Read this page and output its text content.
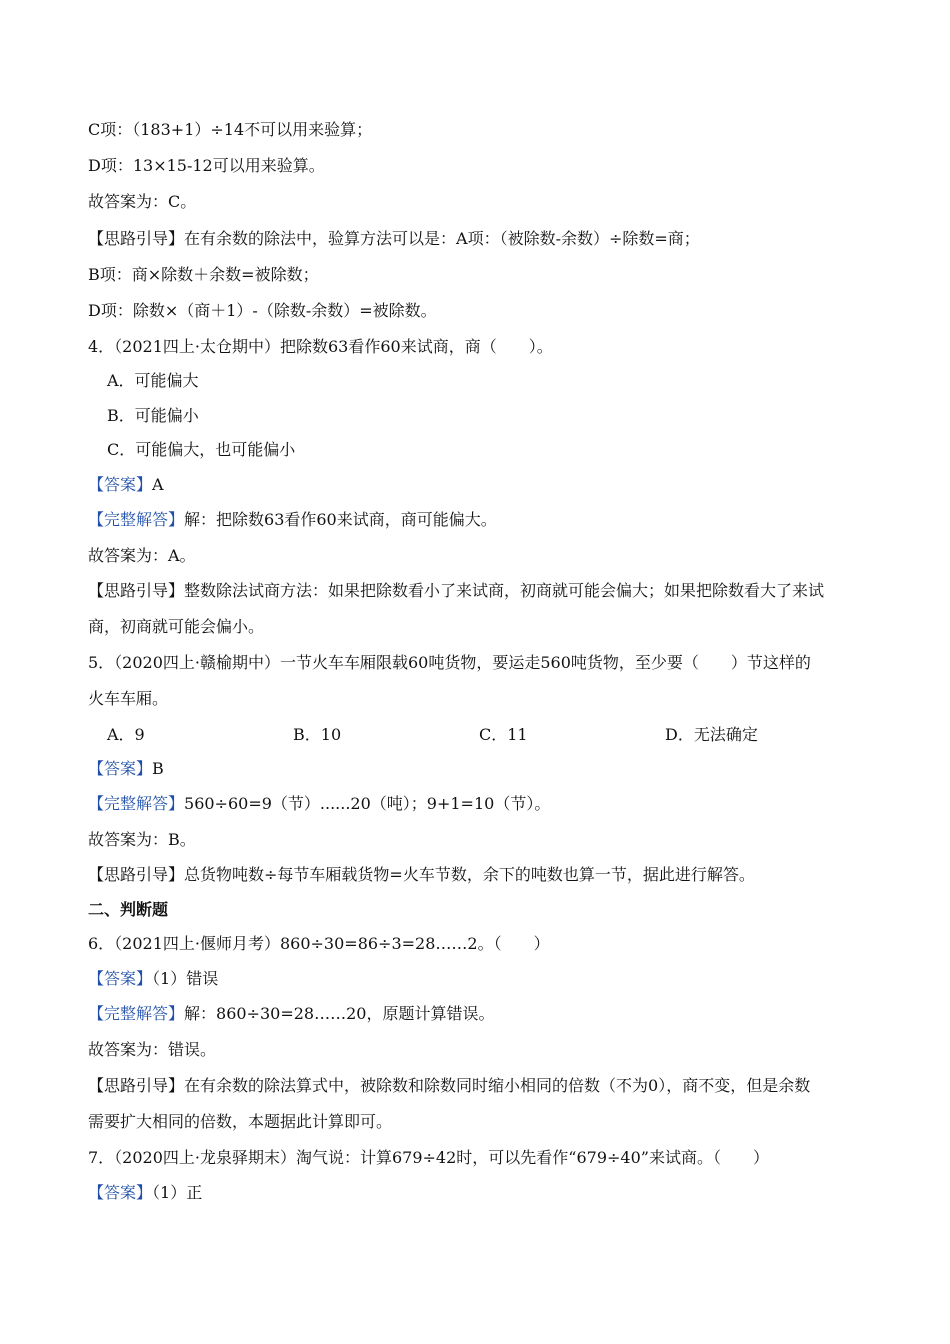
C项：（183+1）÷14不可以用来验算；
D项：13×15-12可以用来验算。
故答案为：C。
【思路引导】在有余数的除法中，验算方法可以是：A项：（被除数-余数）÷除数=商；
B项：商×除数＋余数=被除数；
D项：除数×（商＋1）-（除数-余数）=被除数。
4．（2021四上·太仓期中）把除数63看作60来试商，商（　　）。
A．可能偏大
B．可能偏小
C．可能偏大，也可能偏小
【答案】A
【完整解答】解：把除数63看作60来试商，商可能偏大。
故答案为：A。
【思路引导】整数除法试商方法：如果把除数看小了来试商，初商就可能会偏大；如果把除数看大了来试
商，初商就可能会偏小。
5．（2020四上·赣榆期中）一节火车车厢限载60吨货物，要运走560吨货物，至少要（　　）节这样的
火车车厢。
A．9	B．10	C．11	D．无法确定
【答案】B
【完整解答】560÷60=9（节）......20（吨）；9+1=10（节）。
故答案为：B。
【思路引导】总货物吨数÷每节车厢载货物=火车节数，余下的吨数也算一节，据此进行解答。
二、判断题
6．（2021四上·偃师月考）860÷30=86÷3=28……2。（　　）
【答案】（1）错误
【完整解答】解：860÷30=28……20，原题计算错误。
故答案为：错误。
【思路引导】在有余数的除法算式中，被除数和除数同时缩小相同的倍数（不为0），商不变，但是余数
需要扩大相同的倍数，本题据此计算即可。
7．（2020四上·龙泉驿期末）淘气说：计算679÷42时，可以先看作“679÷40”来试商。（　　）
【答案】（1）正
